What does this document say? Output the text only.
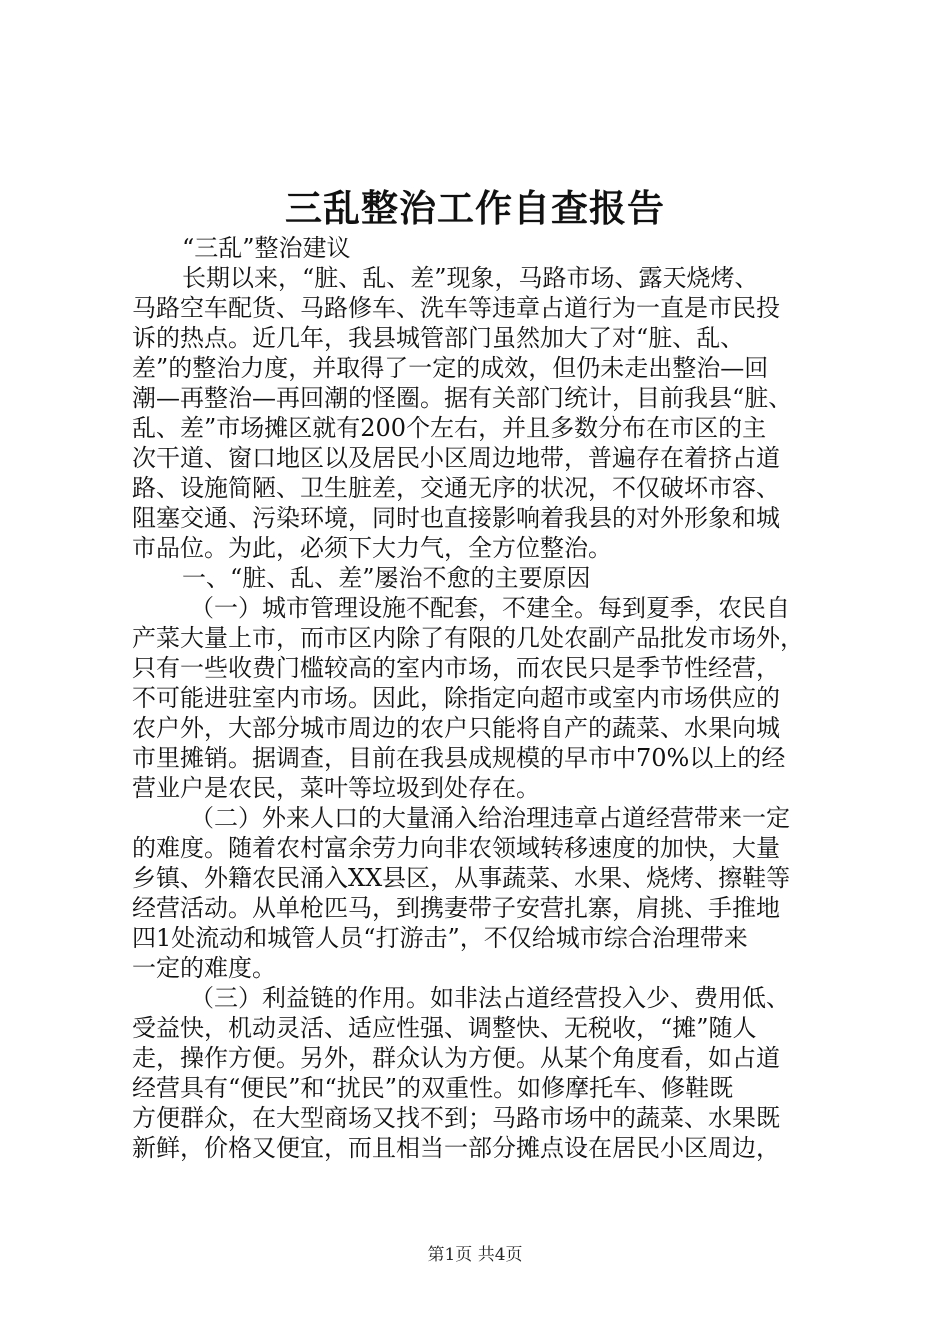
三乱整治工作自查报告
“三乱”整治建议
长期以来，“脏、乱、差”现象，马路市场、露天烧烤、
马路空车配货、马路修车、洗车等违章占道行为一直是市民投
诉的热点。近几年，我县城管部门虽然加大了对“脏、乱、
差”的整治力度，并取得了一定的成效，但仍未走出整治—回
潮—再整治—再回潮的怪圈。据有关部门统计，目前我县“脏、
乱、差”市场摊区就有200个左右，并且多数分布在市区的主
次干道、窗口地区以及居民小区周边地带，普遍存在着挤占道
路、设施简陋、卫生脏差，交通无序的状况，不仅破坏市容、
阻塞交通、污染环境，同时也直接影响着我县的对外形象和城
市品位。为此，必须下大力气，全方位整治。
一、“脏、乱、差”屡治不愈的主要原因
（一）城市管理设施不配套，不建全。每到夏季，农民自
产菜大量上市，而市区内除了有限的几处农副产品批发市场外，
只有一些收费门槛较高的室内市场，而农民只是季节性经营，
不可能进驻室内市场。因此，除指定向超市或室内市场供应的
农户外，大部分城市周边的农户只能将自产的蔬菜、水果向城
市里摊销。据调查，目前在我县成规模的早市中70%以上的经
营业户是农民，菜叶等垃圾到处存在。
（二）外来人口的大量涌入给治理违章占道经营带来一定
的难度。随着农村富余劳力向非农领域转移速度的加快，大量
乡镇、外籍农民涌入XX县区，从事蔬菜、水果、烧烤、擦鞋等
经营活动。从单枪匹马，到携妻带子安营扎寨，肩挑、手推地
四1处流动和城管人员“打游击”，不仅给城市综合治理带来
一定的难度。
（三）利益链的作用。如非法占道经营投入少、费用低、
受益快，机动灵活、适应性强、调整快、无税收，“摊”随人
走，操作方便。另外，群众认为方便。从某个角度看，如占道
经营具有“便民”和“扰民”的双重性。如修摩托车、修鞋既
方便群众，在大型商场又找不到；马路市场中的蔬菜、水果既
新鲜，价格又便宜，而且相当一部分摊点设在居民小区周边，
第1页 共4页
